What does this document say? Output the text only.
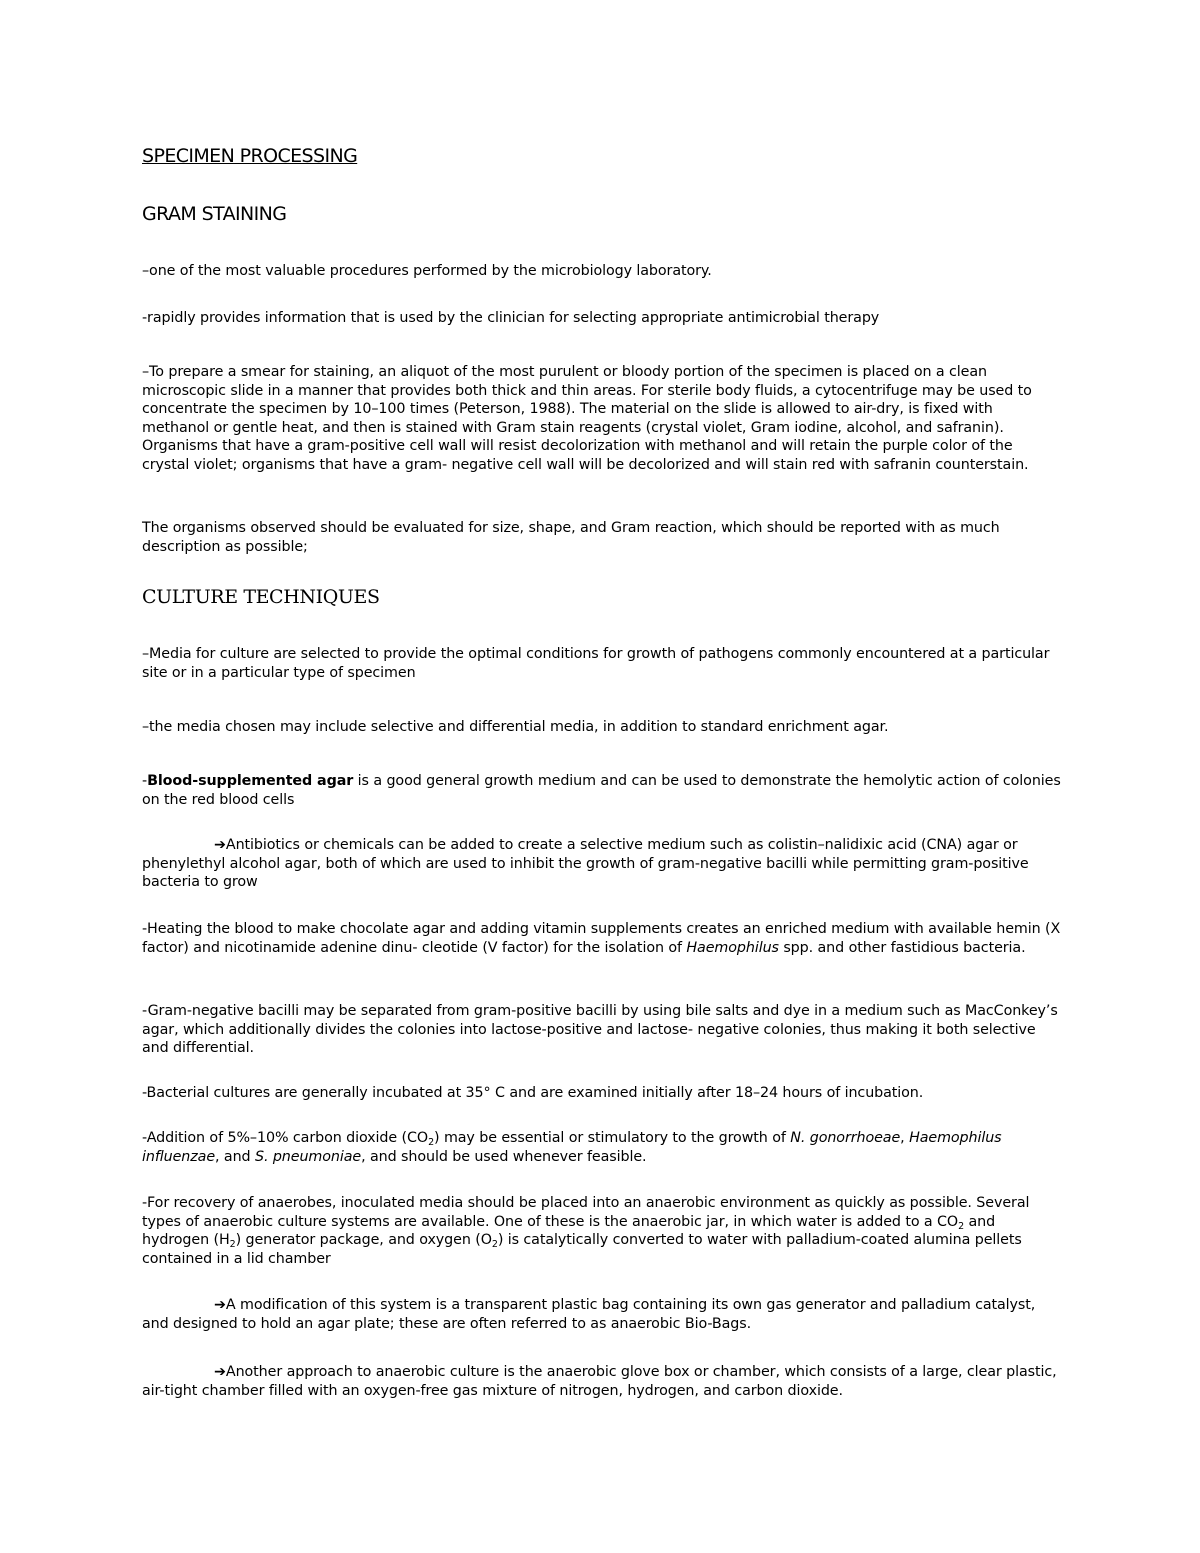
SPECIMEN PROCESSING
GRAM STAINING

–one of the most valuable procedures performed by the microbiology laboratory.

-rapidly provides information that is used by the clinician for selecting appropriate antimicrobial therapy

–To prepare a smear for staining, an aliquot of the most purulent or bloody portion of the specimen is placed on a clean microscopic slide in a manner that provides both thick and thin areas. For sterile body fluids, a cytocentrifuge may be used to concentrate the specimen by 10–100 times (Peterson, 1988). The material on the slide is allowed to air-dry, is fixed with methanol or gentle heat, and then is stained with Gram stain reagents (crystal violet, Gram iodine, alcohol, and safranin). Organisms that have a gram-positive cell wall will resist decolorization with methanol and will retain the purple color of the crystal violet; organisms that have a gram- negative cell wall will be decolorized and will stain red with safranin counterstain.

The organisms observed should be evaluated for size, shape, and Gram reaction, which should be reported with as much description as possible;

CULTURE TECHNIQUES

–Media for culture are selected to provide the optimal conditions for growth of pathogens commonly encountered at a particular site or in a particular type of specimen

–the media chosen may include selective and differential media, in addition to standard enrichment agar.

-Blood-supplemented agar is a good general growth medium and can be used to demonstrate the hemolytic action of colonies on the red blood cells

➔Antibiotics or chemicals can be added to create a selective medium such as colistin–nalidixic acid (CNA) agar or phenylethyl alcohol agar, both of which are used to inhibit the growth of gram-negative bacilli while permitting gram-positive bacteria to grow

-Heating the blood to make chocolate agar and adding vitamin supplements creates an enriched medium with available hemin (X factor) and nicotinamide adenine dinu- cleotide (V factor) for the isolation of Haemophilus spp. and other fastidious bacteria.

-Gram-negative bacilli may be separated from gram-positive bacilli by using bile salts and dye in a medium such as MacConkey’s agar, which additionally divides the colonies into lactose-positive and lactose- negative colonies, thus making it both selective and differential.

-Bacterial cultures are generally incubated at 35° C and are examined initially after 18–24 hours of incubation.

-Addition of 5%–10% carbon dioxide $(CO_2)$ may be essential or stimulatory to the growth of N. gonorrhoeae, Haemophilus influenzae, and S. pneumoniae, and should be used whenever feasible.

-For recovery of anaerobes, inoculated media should be placed into an anaerobic environment as quickly as possible. Several types of anaerobic culture systems are available. One of these is the anaerobic jar, in which water is added to a $CO_2$ and hydrogen $(H_2)$ generator package, and oxygen $(O_2)$ is catalytically converted to water with palladium-coated alumina pellets contained in a lid chamber

➔A modification of this system is a transparent plastic bag containing its own gas generator and palladium catalyst, and designed to hold an agar plate; these are often referred to as anaerobic Bio-Bags.

➔Another approach to anaerobic culture is the anaerobic glove box or chamber, which consists of a large, clear plastic, air-tight chamber filled with an oxygen-free gas mixture of nitrogen, hydrogen, and carbon dioxide.
